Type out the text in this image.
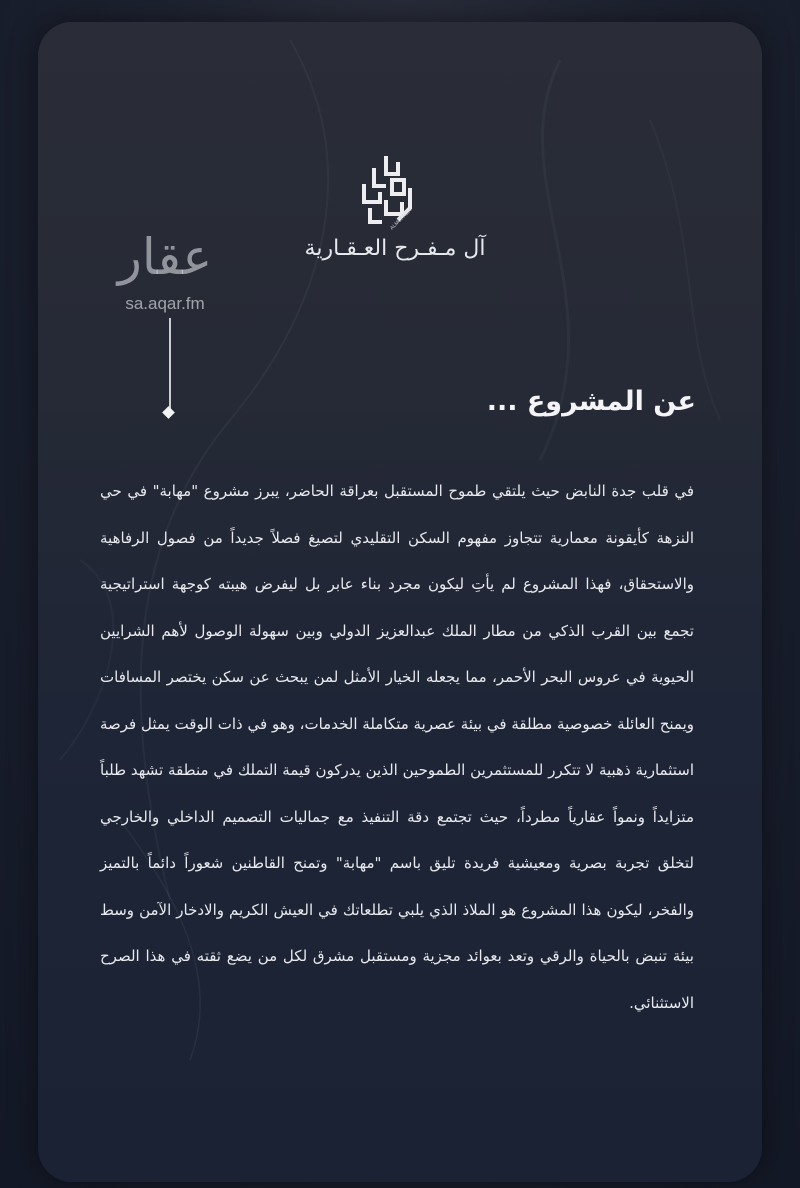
ALMOFREH
آل مـفـرح العـقـارية
عقار
sa.aqar.fm
عن المشروع ...
في قلب جدة النابض حيث يلتقي طموح المستقبل بعراقة الحاضر، يبرز مشروع "مهابة" في حي النزهة كأيقونة معمارية تتجاوز مفهوم السكن التقليدي لتصيغ فصلاً جديداً من فصول الرفاهية والاستحقاق، فهذا المشروع لم يأتِ ليكون مجرد بناء عابر بل ليفرض هيبته كوجهة استراتيجية تجمع بين القرب الذكي من مطار الملك عبدالعزيز الدولي وبين سهولة الوصول لأهم الشرايين الحيوية في عروس البحر الأحمر، مما يجعله الخيار الأمثل لمن يبحث عن سكن يختصر المسافات ويمنح العائلة خصوصية مطلقة في بيئة عصرية متكاملة الخدمات، وهو في ذات الوقت يمثل فرصة استثمارية ذهبية لا تتكرر للمستثمرين الطموحين الذين يدركون قيمة التملك في منطقة تشهد طلباً متزايداً ونمواً عقارياً مطرداً، حيث تجتمع دقة التنفيذ مع جماليات التصميم الداخلي والخارجي لتخلق تجربة بصرية ومعيشية فريدة تليق باسم "مهابة" وتمنح القاطنين شعوراً دائماً بالتميز والفخر، ليكون هذا المشروع هو الملاذ الذي يلبي تطلعاتك في العيش الكريم والادخار الآمن وسط بيئة تنبض بالحياة والرقي وتعد بعوائد مجزية ومستقبل مشرق لكل من يضع ثقته في هذا الصرح الاستثنائي.
